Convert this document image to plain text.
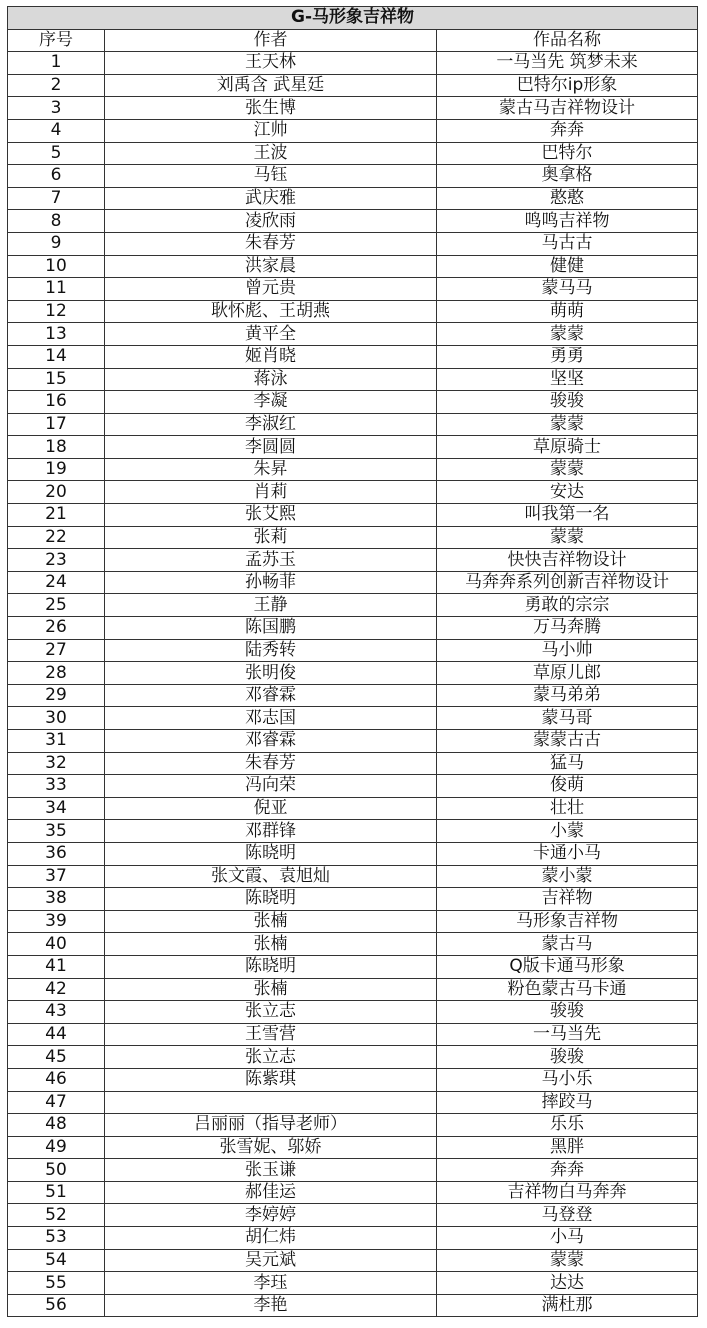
G-马形象吉祥物		
序号	作者	作品名称
1	王天林	一马当先 筑梦未来
2	刘禹含 武星廷	巴特尔ip形象
3	张生博	蒙古马吉祥物设计
4	江帅	奔奔
5	王波	巴特尔
6	马钰	奥拿格
7	武庆雅	憨憨
8	凌欣雨	鸣鸣吉祥物
9	朱春芳	马古古
10	洪家晨	健健
11	曾元贵	蒙马马
12	耿怀彪、王胡燕	萌萌
13	黄平全	蒙蒙
14	姬肖晓	勇勇
15	蒋泳	坚坚
16	李凝	骏骏
17	李淑红	蒙蒙
18	李圆圆	草原骑士
19	朱昇	蒙蒙
20	肖莉	安达
21	张艾熙	叫我第一名
22	张莉	蒙蒙
23	孟苏玉	快快吉祥物设计
24	孙畅菲	马奔奔系列创新吉祥物设计
25	王静	勇敢的宗宗
26	陈国鹏	万马奔腾
27	陆秀转	马小帅
28	张明俊	草原儿郎
29	邓睿霖	蒙马弟弟
30	邓志国	蒙马哥
31	邓睿霖	蒙蒙古古
32	朱春芳	猛马
33	冯向荣	俊萌
34	倪亚	壮壮
35	邓群锋	小蒙
36	陈晓明	卡通小马
37	张文霞、袁旭灿	蒙小蒙
38	陈晓明	吉祥物
39	张楠	马形象吉祥物
40	张楠	蒙古马
41	陈晓明	Q版卡通马形象
42	张楠	粉色蒙古马卡通
43	张立志	骏骏
44	王雪营	一马当先
45	张立志	骏骏
46	陈紫琪	马小乐
47		摔跤马
48	吕丽丽（指导老师）	乐乐
49	张雪妮、邬娇	黑胖
50	张玉谦	奔奔
51	郝佳运	吉祥物白马奔奔
52	李婷婷	马登登
53	胡仁炜	小马
54	吴元斌	蒙蒙
55	李珏	达达
56	李艳	满杜那
